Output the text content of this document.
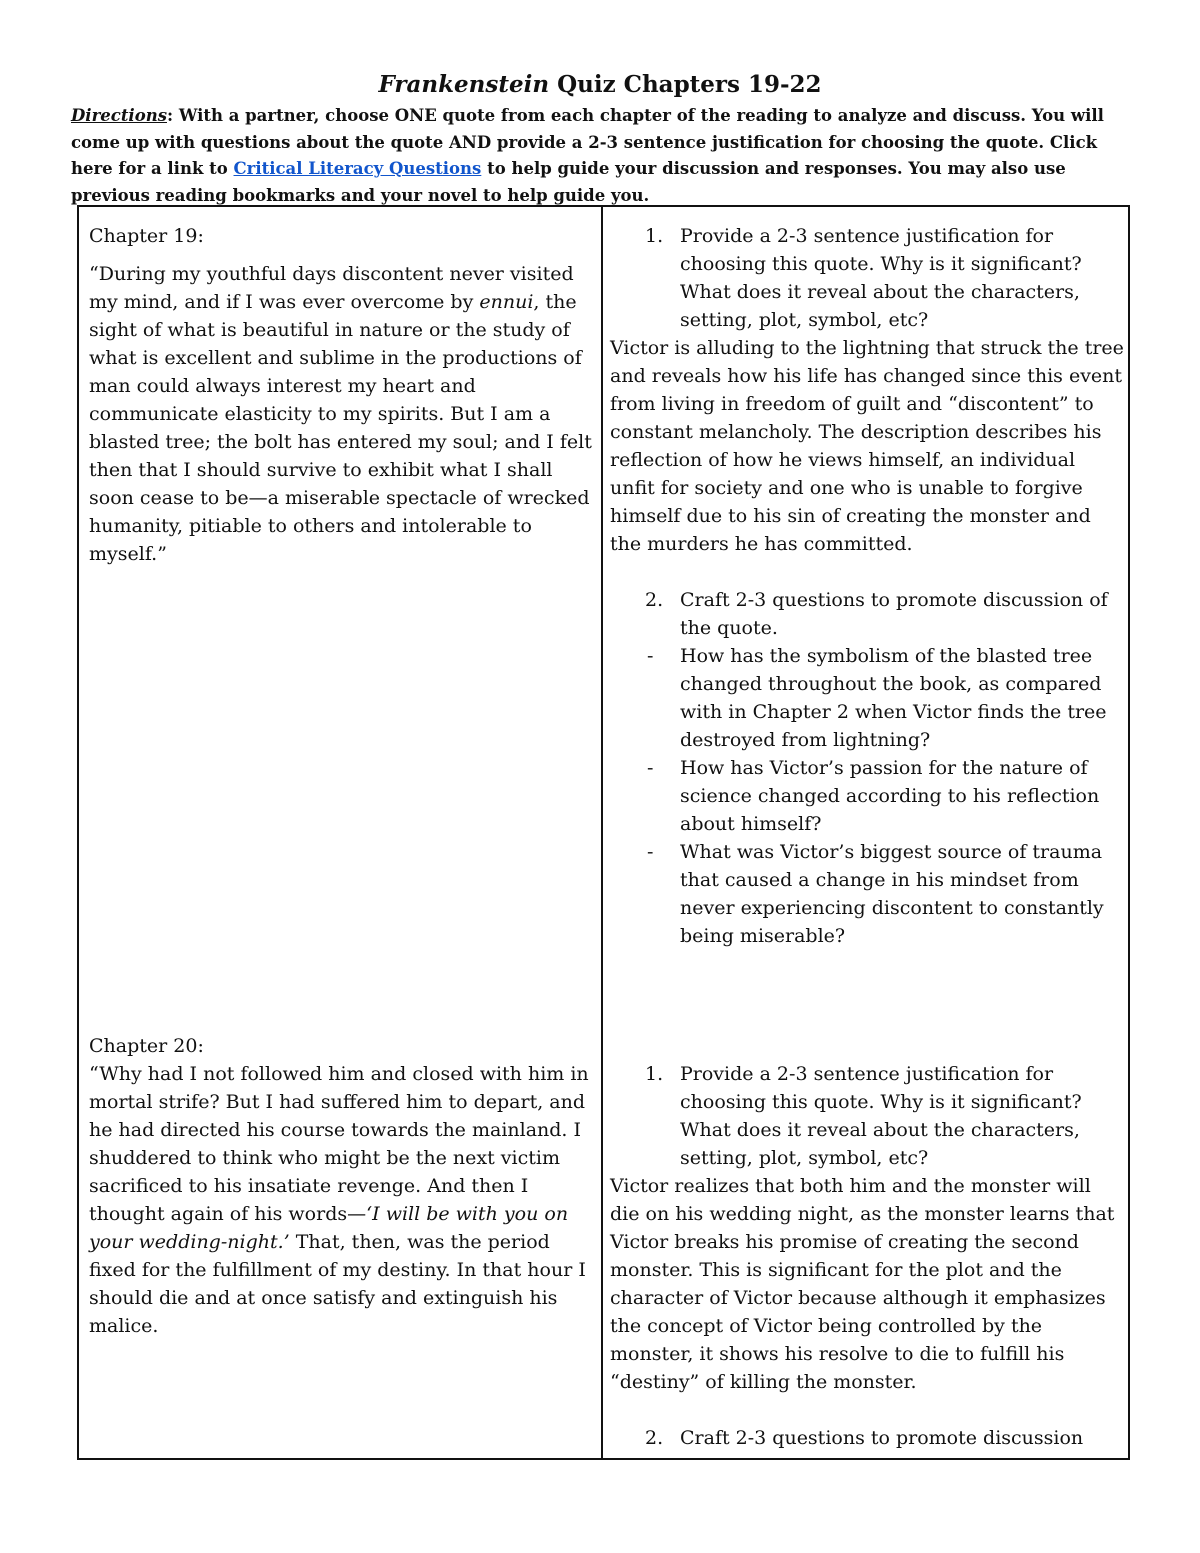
Frankenstein Quiz Chapters 19-22
Directions: With a partner, choose ONE quote from each chapter of the reading to analyze and discuss. You will come up with questions about the quote AND provide a 2-3 sentence justification for choosing the quote. Click here for a link to Critical Literacy Questions to help guide your discussion and responses. You may also use previous reading bookmarks and your novel to help guide you.

Chapter 19:

“During my youthful days discontent never visited my mind, and if I was ever overcome by ennui, the sight of what is beautiful in nature or the study of what is excellent and sublime in the productions of man could always interest my heart and communicate elasticity to my spirits. But I am a blasted tree; the bolt has entered my soul; and I felt then that I should survive to exhibit what I shall soon cease to be—a miserable spectacle of wrecked humanity, pitiable to others and intolerable to myself.”

1. Provide a 2-3 sentence justification for choosing this quote. Why is it significant? What does it reveal about the characters, setting, plot, symbol, etc?

Victor is alluding to the lightning that struck the tree and reveals how his life has changed since this event from living in freedom of guilt and “discontent” to constant melancholy. The description describes his reflection of how he views himself, an individual unfit for society and one who is unable to forgive himself due to his sin of creating the monster and the murders he has committed.

2. Craft 2-3 questions to promote discussion of the quote.
- How has the symbolism of the blasted tree changed throughout the book, as compared with in Chapter 2 when Victor finds the tree destroyed from lightning?
- How has Victor’s passion for the nature of science changed according to his reflection about himself?
- What was Victor’s biggest source of trauma that caused a change in his mindset from never experiencing discontent to constantly being miserable?

Chapter 20:

“Why had I not followed him and closed with him in mortal strife? But I had suffered him to depart, and he had directed his course towards the mainland. I shuddered to think who might be the next victim sacrificed to his insatiate revenge. And then I thought again of his words—‘I will be with you on your wedding-night.’ That, then, was the period fixed for the fulfillment of my destiny. In that hour I should die and at once satisfy and extinguish his malice.

1. Provide a 2-3 sentence justification for choosing this quote. Why is it significant? What does it reveal about the characters, setting, plot, symbol, etc?

Victor realizes that both him and the monster will die on his wedding night, as the monster learns that Victor breaks his promise of creating the second monster. This is significant for the plot and the character of Victor because although it emphasizes the concept of Victor being controlled by the monster, it shows his resolve to die to fulfill his “destiny” of killing the monster.

2. Craft 2-3 questions to promote discussion
